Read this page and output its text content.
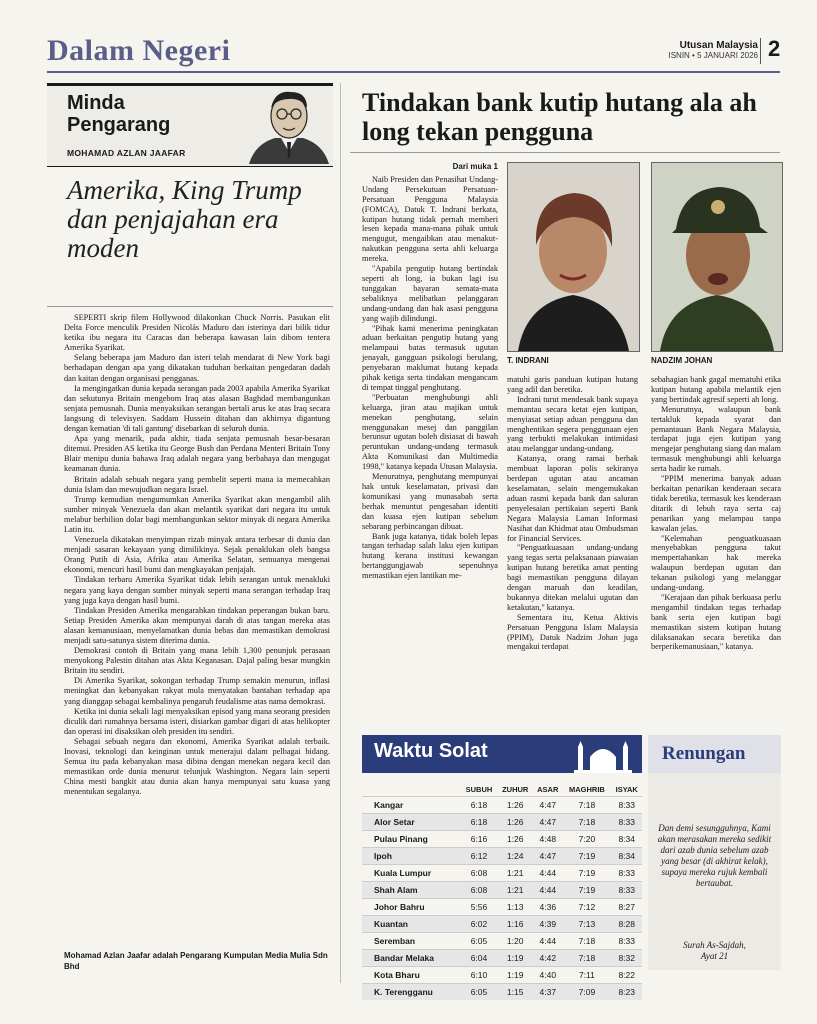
Dalam Negeri	Utusan Malaysia
ISNIN • 5 JANUARI 2026 2
Minda Pengarang
MOHAMAD AZLAN JAAFAR
Amerika, King Trump dan penjajahan era moden

SEPERTI skrip filem Hollywood dilakonkan Chuck Norris. Pasukan elit Delta Force menculik Presiden Nicolás Maduro dan isterinya dari bilik tidur ketika ibu negara itu Caracas dan beberapa kawasan lain dibom tentera Amerika Syarikat.

Selang beberapa jam Maduro dan isteri telah mendarat di New York bagi berhadapan dengan apa yang dikatakan tuduhan berkaitan pengedaran dadah dan kaitan dengan organisasi pengganas.

Ia mengingatkan dunia kepada serangan pada 2003 apabila Amerika Syarikat dan sekutunya Britain mengebom Iraq atas alasan Baghdad membangunkan senjata pemusnah. Dunia menyaksikan serangan bertali arus ke atas Iraq secara langsung di televisyen. Saddam Hussein ditahan dan akhirnya digantung dengan kematian 'di tali gantung' disebarkan di seluruh dunia.

Apa yang menarik, pada akhir, tiada senjata pemusnah besar-besaran ditemui. Presiden AS ketika itu George Bush dan Perdana Menteri Britain Tony Blair menipu dunia bahawa Iraq adalah negara yang berbahaya dan mengugat keamanan dunia.

Britain adalah sebuah negara yang pembelit seperti mana ia memecahkan dunia Islam dan mewujudkan negara Israel.

Trump kemudian mengumumkan Amerika Syarikat akan mengambil alih sumber minyak Venezuela dan akan melantik syarikat dari negara itu untuk melabur berbilion dolar bagi membangunkan sektor minyak di negara Amerika Latin itu.

Venezuela dikatakan menyimpan rizab minyak antara terbesar di dunia dan menjadi sasaran kekayaan yang dimilikinya. Sejak penaklukan oleh bangsa Orang Putih di Asia, Afrika atau Amerika Selatan, semuanya mengenai ekonomi, mencuri hasil bumi dan mengkayakan penjajah.

Tindakan terbaru Amerika Syarikat tidak lebih serangan untuk menakluki negara yang kaya dengan sumber minyak seperti mana serangan terhadap Iraq yang juga kaya dengan hasil bumi.

Tindakan Presiden Amerika mengarahkan tindakan peperangan bukan baru. Setiap Presiden Amerika akan mempunyai darah di atas tangan mereka atas alasan kemanusiaan, menyelamatkan dunia bebas dan memastikan demokrasi menjadi satu-satunya sistem diterima dunia.

Demokrasi contoh di Britain yang mana lebih 1,300 penunjuk perasaan menyokong Palestin ditahan atas Akta Keganasan. Dajal paling besar mungkin Britain itu sendiri.

Di Amerika Syarikat, sokongan terhadap Trump semakin menurun, inflasi meningkat dan kebanyakan rakyat mula menyatakan bantahan terhadap apa yang dianggap sebagai kembalinya pengaruh feudalisme atas nama demokrasi.

Ketika ini dunia sekali lagi menyaksikan episod yang mana seorang presiden diculik dari rumahnya bersama isteri, disiarkan gambar digari di atas helikopter dan operasi ini disaksikan oleh presiden itu sendiri.

Sebagai sebuah negara dan ekonomi, Amerika Syarikat adalah terbaik. Inovasi, teknologi dan keinginan untuk menerajui dalam pelbagai bidang. Semua itu pada kebanyakan masa dibina dengan menekan negara kecil dan memastikan orde dunia menurut telunjuk Washington. Negara lain seperti China mesti bangkit atau dunia akan hanya mempunyai satu kuasa yang menentukan segalanya.

Mohamad Azlan Jaafar adalah Pengarang Kumpulan Media Mulia Sdn Bhd
Tindakan bank kutip hutang ala ah long tekan pengguna
Dari muka 1

Naib Presiden dan Penasihat Undang-Undang Persekutuan Persatuan-Persatuan Pengguna Malaysia (FOMCA), Datuk T. Indrani berkata, kutipan hutang tidak pernah memberi lesen kepada mana-mana pihak untuk mengugut, mengaibkan atau menakut-nakutkan pengguna serta ahli keluarga mereka.

"Apabila pengutip hutang bertindak seperti ah long, ia bukan lagi isu tunggakan bayaran semata-mata sebaliknya melibatkan pelanggaran undang-undang dan hak asasi pengguna yang wajib dilindungi.

"Pihak kami menerima peningkatan aduan berkaitan pengutip hutang yang melampaui batas termasuk ugutan jenayah, gangguan psikologi berulang, penyebaran maklumat hutang kepada pihak ketiga serta tindakan mengancam di tempat tinggal penghutang.

"Perbuatan menghubungi ahli keluarga, jiran atau majikan untuk menekan penghutang, selain menggunakan mesej dan panggilan berunsur ugutan boleh disiasat di bawah peruntukan undang-undang termasuk Akta Komunikasi dan Multimedia 1998," katanya kepada Utusan Malaysia.

Menurutnya, penghutang mempunyai hak untuk keselamatan, privasi dan komunikasi yang munasabah serta berhak menuntut pengesahan identiti dan kuasa ejen kutipan sebelum sebarang perbincangan dibuat.

Bank juga katanya, tidak boleh lepas tangan terhadap salah laku ejen kutipan hutang kerana institusi kewangan bertanggungjawab sepenuhnya memastikan ejen lantikan me-

T. INDRANI	NADZIM JOHAN

matuhi garis panduan kutipan hutang yang adil dan beretika.

Indrani turut mendesak bank supaya memantau secara ketat ejen kutipan, menyiasat setiap aduan pengguna dan menghentikan segera penggunaan ejen yang terbukti melakukan intimidasi atau melanggar undang-undang.

Katanya, orang ramai berhak membuat laporan polis sekiranya berdepan ugutan atau ancaman keselamatan, selain mengemukakan aduan rasmi kepada bank dan saluran penyelesaian pertikaian seperti Bank Negara Malaysia Laman Informasi Nasihat dan Khidmat atau Ombudsman for Financial Services.

"Penguatkuasaan undang-undang yang tegas serta pelaksanaan piawaian kutipan hutang beretika amat penting bagi memastikan pengguna dilayan dengan maruah dan keadilan, bukannya ditekan melalui ugutan dan ketakutan," katanya.

Sementara itu, Ketua Aktivis Persatuan Pengguna Islam Malaysia (PPIM), Datuk Nadzim Johan juga mengakui terdapat

sebahagian bank gagal mematuhi etika kutipan hutang apabila melantik ejen yang bertindak agresif seperti ah long.

Menurutnya, walaupun bank tertakluk kepada syarat dan pemantauan Bank Negara Malaysia, terdapat juga ejen kutipan yang mengejar penghutang siang dan malam termasuk menghubungi ahli keluarga serta hadir ke rumah.

"PPIM menerima banyak aduan berkaitan penarikan kenderaan secara tidak beretika, termasuk kes kenderaan ditarik di lebuh raya serta caj penarikan yang melampau tanpa kawalan jelas.

"Kelemahan penguatkuasaan menyebabkan pengguna takut mempertahankan hak mereka walaupun berdepan ugutan dan tekanan psikologi yang melanggar undang-undang.

"Kerajaan dan pihak berkuasa perlu mengambil tindakan tegas terhadap bank serta ejen kutipan bagi memastikan sistem kutipan hutang dilaksanakan secara beretika dan berperikemanusiaan," katanya.

Waktu Solat
	SUBUH	ZUHUR	ASAR	MAGHRIB	ISYAK
Kangar	6:18	1:26	4:47	7:18	8:33
Alor Setar	6:18	1:26	4:47	7:18	8:33
Pulau Pinang	6:16	1:26	4:48	7:20	8:34
Ipoh	6:12	1:24	4:47	7:19	8:34
Kuala Lumpur	6:08	1:21	4:44	7:19	8:33
Shah Alam	6:08	1:21	4:44	7:19	8:33
Johor Bahru	5:56	1:13	4:36	7:12	8:27
Kuantan	6:02	1:16	4:39	7:13	8:28
Seremban	6:05	1:20	4:44	7:18	8:33
Bandar Melaka	6:04	1:19	4:42	7:18	8:32
Kota Bharu	6:10	1:19	4:40	7:11	8:22
K. Terengganu	6:05	1:15	4:37	7:09	8:23
Renungan
Dan demi sesungguhnya, Kami akan merasakan mereka sedikit dari azab dunia sebelum azab yang besar (di akhirat kelak), supaya mereka rujuk kembali bertaubat.
Surah As-Sajdah,
Ayat 21
